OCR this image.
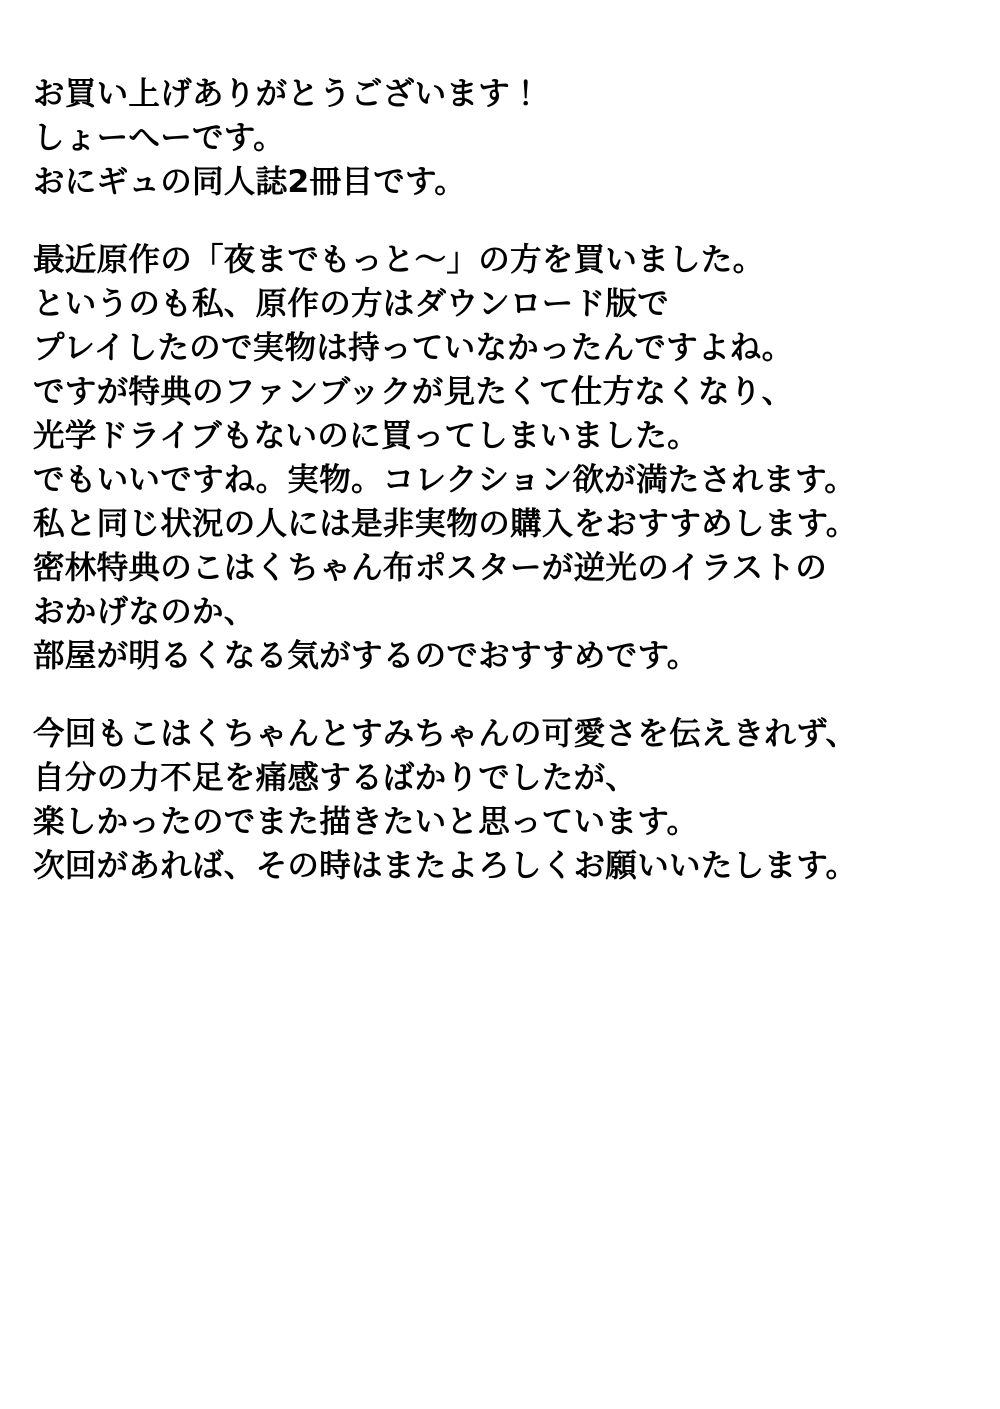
お買い上げありがとうございます！
しょーへーです。
おにギュの同人誌2冊目です。
最近原作の「夜までもっと〜」の方を買いました。
というのも私、原作の方はダウンロード版で
プレイしたので実物は持っていなかったんですよね。
ですが特典のファンブックが見たくて仕方なくなり、
光学ドライブもないのに買ってしまいました。
でもいいですね。実物。コレクション欲が満たされます。
私と同じ状況の人には是非実物の購入をおすすめします。
密林特典のこはくちゃん布ポスターが逆光のイラストの
おかげなのか、
部屋が明るくなる気がするのでおすすめです。
今回もこはくちゃんとすみちゃんの可愛さを伝えきれず、
自分の力不足を痛感するばかりでしたが、
楽しかったのでまた描きたいと思っています。
次回があれば、その時はまたよろしくお願いいたします。
